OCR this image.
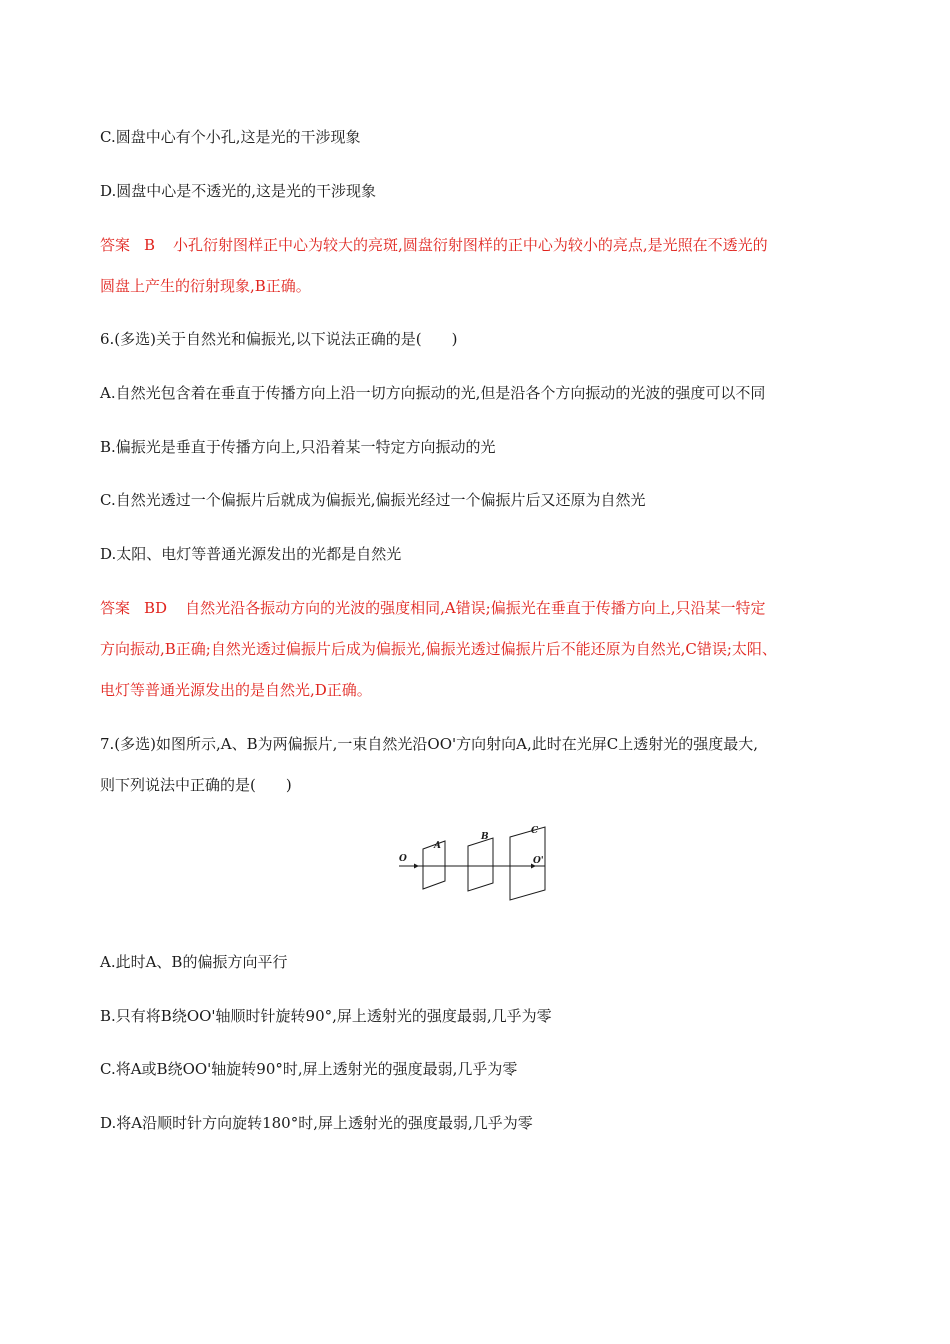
C.圆盘中心有个小孔,这是光的干涉现象

D.圆盘中心是不透光的,这是光的干涉现象

答案 B 小孔衍射图样正中心为较大的亮斑,圆盘衍射图样的正中心为较小的亮点,是光照在不透光的

圆盘上产生的衍射现象,B正确。

6.(多选)关于自然光和偏振光,以下说法正确的是(　　)

A.自然光包含着在垂直于传播方向上沿一切方向振动的光,但是沿各个方向振动的光波的强度可以不同

B.偏振光是垂直于传播方向上,只沿着某一特定方向振动的光

C.自然光透过一个偏振片后就成为偏振光,偏振光经过一个偏振片后又还原为自然光

D.太阳、电灯等普通光源发出的光都是自然光

答案 BD 自然光沿各振动方向的光波的强度相同,A错误;偏振光在垂直于传播方向上,只沿某一特定

方向振动,B正确;自然光透过偏振片后成为偏振光,偏振光透过偏振片后不能还原为自然光,C错误;太阳、

电灯等普通光源发出的是自然光,D正确。

7.(多选)如图所示,A、B为两偏振片,一束自然光沿OO'方向射向A,此时在光屏C上透射光的强度最大,

则下列说法中正确的是(　　)

O
A
B
C
O'

A.此时A、B的偏振方向平行

B.只有将B绕OO'轴顺时针旋转90°,屏上透射光的强度最弱,几乎为零

C.将A或B绕OO'轴旋转90°时,屏上透射光的强度最弱,几乎为零

D.将A沿顺时针方向旋转180°时,屏上透射光的强度最弱,几乎为零
